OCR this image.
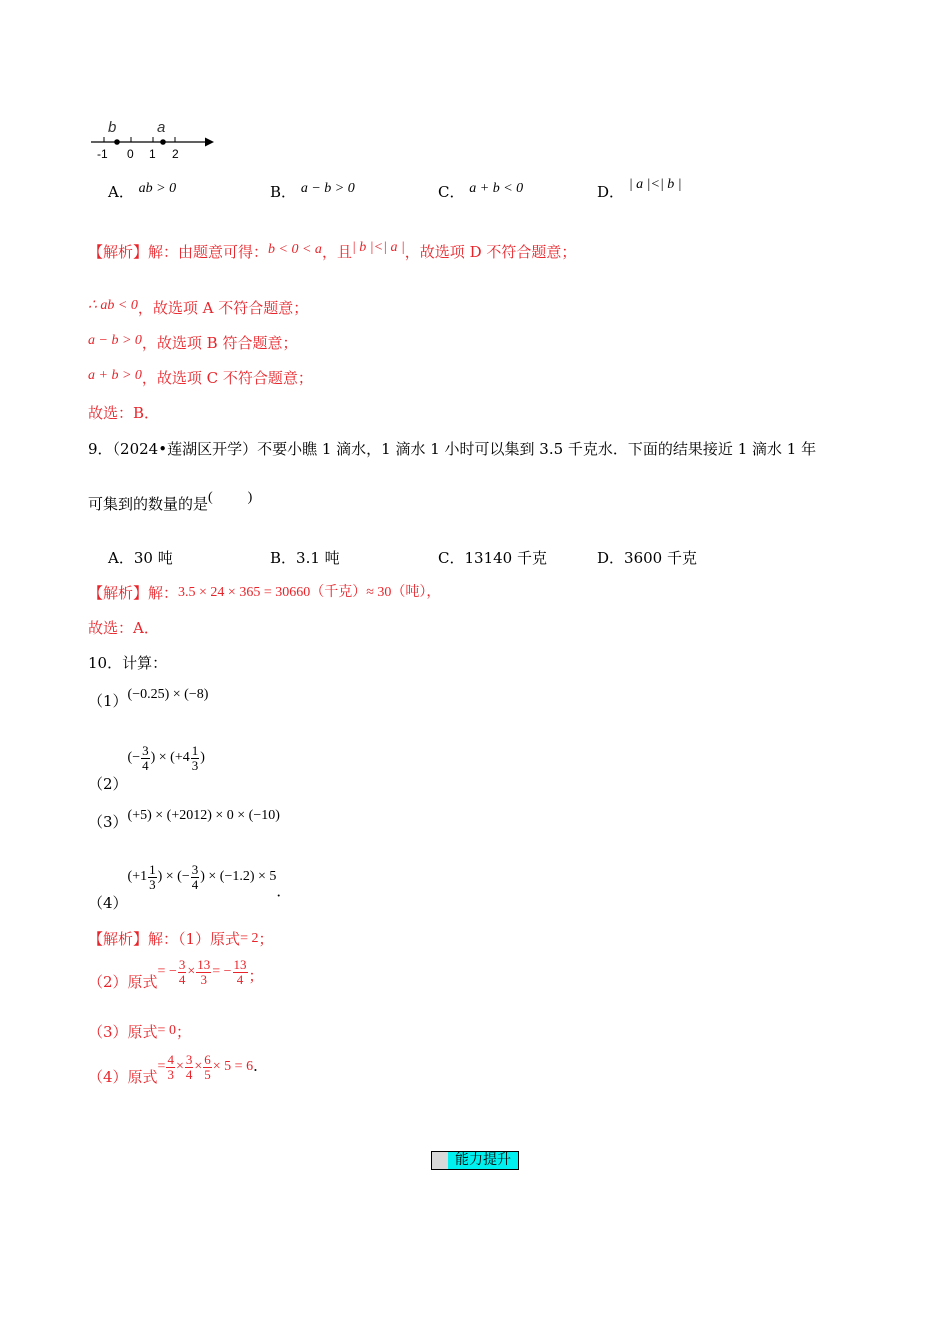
b	a
-1 0 1 2
A． ab > 0	B． a − b > 0	C． a + b < 0	D． | a |<| b |
【解析】解：由题意可得：b < 0 < a，且| b |<| a |，故选项 D 不符合题意；
∴ ab < 0，故选项 A 不符合题意；
a − b > 0，故选项 B 符合题意；
a + b > 0，故选项 C 不符合题意；
故选：B．
9．（2024•莲湖区开学）不要小瞧 1 滴水，1 滴水 1 小时可以集到 3.5 千克水．下面的结果接近 1 滴水 1 年
可集到的数量的是(          )
A．30 吨	B．3.1 吨	C．13140 千克	D．3600 千克
【解析】解：3.5 × 24 × 365 = 30660（千克）≈ 30（吨），
故选：A．
10．计算：
（1）(−0.25) × (−8)
$(2)(- \frac{3}{4}$ ) × ($+4 \frac{1}{3}$ )
（3）(+5) × (+2012) × 0 × (−10)
$(4)(+1 \frac{1}{3}$ ) × (− $\frac{3}{4}$ ) × (−1.2) × 5．
【解析】解：（1）原式= 2；
（2）原式= − $\frac{3}{4} \times \frac{13}{3}$ = − $\frac{13}{4}$ ；
（3）原式= 0；
（4）原式= $\frac{4}{3} \times \frac{3}{4} \times \frac{6}{5} \times 5 = 6$．
能力提升
